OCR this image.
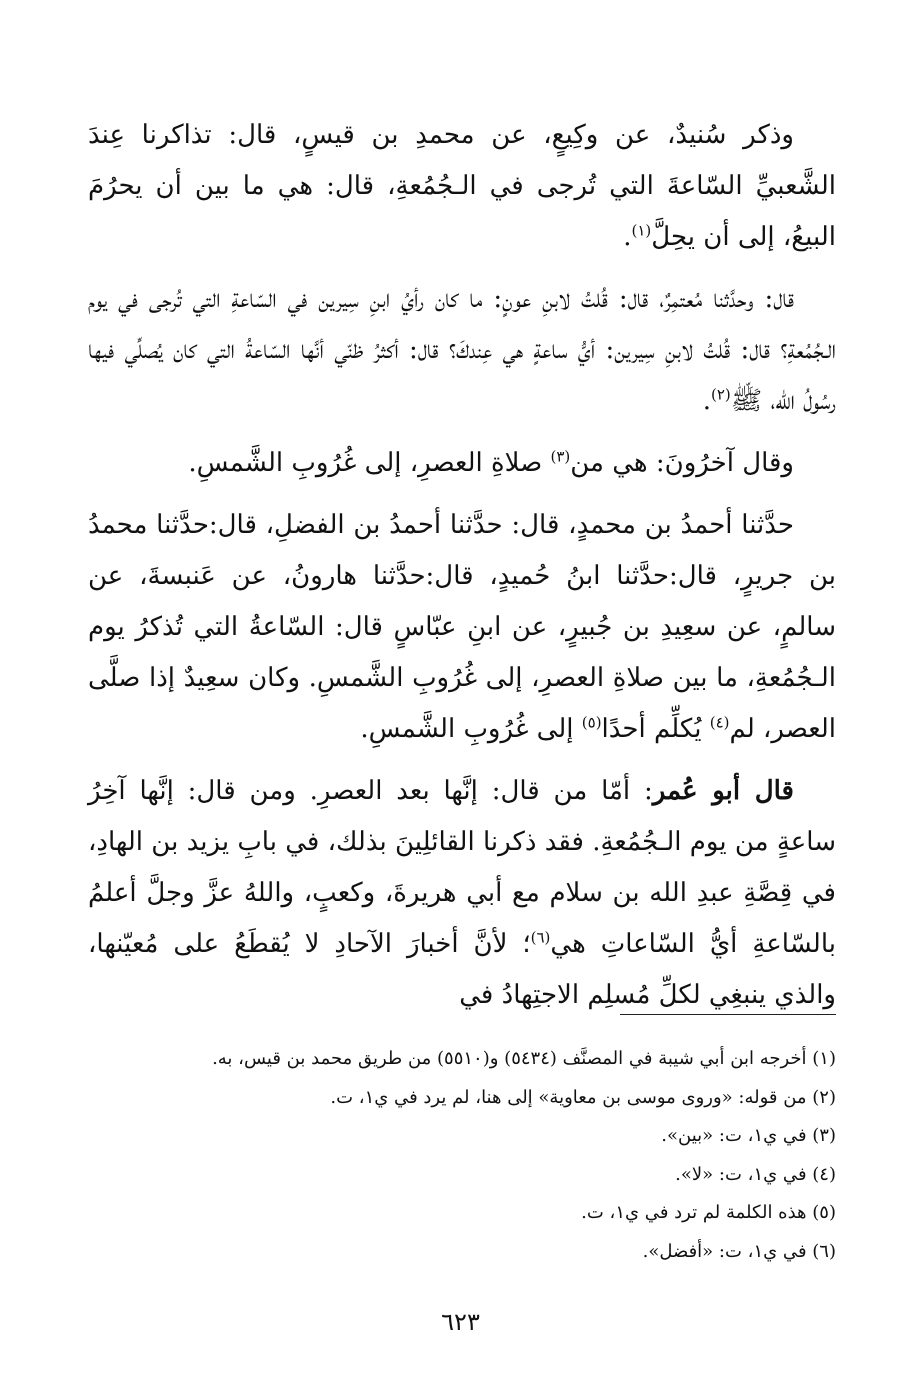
وذكر سُنيدٌ، عن وكِيعٍ، عن محمدِ بن قيسٍ، قال: تذاكرنا عِندَ الشَّعبيِّ السّاعةَ التي تُرجى في الـجُمُعةِ، قال: هي ما بين أن يحرُمَ البيعُ، إلى أن يحِلَّ$^{(١)}$.

قال: وحدَّثنا مُعتمِرٌ، قال: قُلتُ لابنِ عونٍ: ما كان رأيُ ابنِ سِيرين في السّاعةِ التي تُرجى في يوم الـجُمُعةِ؟ قال: قُلتُ لابنِ سِيرين: أيُّ ساعةٍ هي عِندكَ؟ قال: أكثرُ ظنّي أنَّها السّاعةُ التي كان يُصلِّي فيها رسُولُ الله، ﷺ$^{(٢)}$.

وقال آخرُونَ: هي من$^{(٣)}$ صلاةِ العصرِ، إلى غُرُوبِ الشَّمسِ.

حدَّثنا أحمدُ بن محمدٍ، قال: حدَّثنا أحمدُ بن الفضلِ، قال:حدَّثنا محمدُ بن جريرٍ، قال:حدَّثنا ابنُ حُميدٍ، قال:حدَّثنا هارونُ، عن عَنبسةَ، عن سالمٍ، عن سعِيدِ بن جُبيرٍ، عن ابنِ عبّاسٍ قال: السّاعةُ التي تُذكرُ يوم الـجُمُعةِ، ما بين صلاةِ العصرِ، إلى غُرُوبِ الشَّمسِ. وكان سعِيدٌ إذا صلَّى العصر، لم$^{(٤)}$ يُكلِّم أحدًا$^{(٥)}$ إلى غُرُوبِ الشَّمسِ.

قال أبو عُمر: أمّا من قال: إنَّها بعد العصرِ. ومن قال: إنَّها آخِرُ ساعةٍ من يوم الـجُمُعةِ. فقد ذكرنا القائلِينَ بذلك، في بابِ يزيد بن الهادِ، في قِصَّةِ عبدِ الله بن سلام مع أبي هريرةَ، وكعبٍ، واللهُ عزَّ وجلَّ أعلمُ بالسّاعةِ أيُّ السّاعاتِ هي$^{(٦)}$؛ لأنَّ أخبارَ الآحادِ لا يُقطَعُ على مُعيّنها، والذي ينبغِي لكلِّ مُسلِم الاجتِهادُ في

(١) أخرجه ابن أبي شيبة في المصنَّف (٥٤٣٤) و(٥٥١٠) من طريق محمد بن قيس، به.

(٢) من قوله: «وروى موسى بن معاوية» إلى هنا، لم يرد في ي١، ت.

(٣) في ي١، ت: «بين».

(٤) في ي١، ت: «لا».

(٥) هذه الكلمة لم ترد في ي١، ت.

(٦) في ي١، ت: «أفضل».

٦٢٣
